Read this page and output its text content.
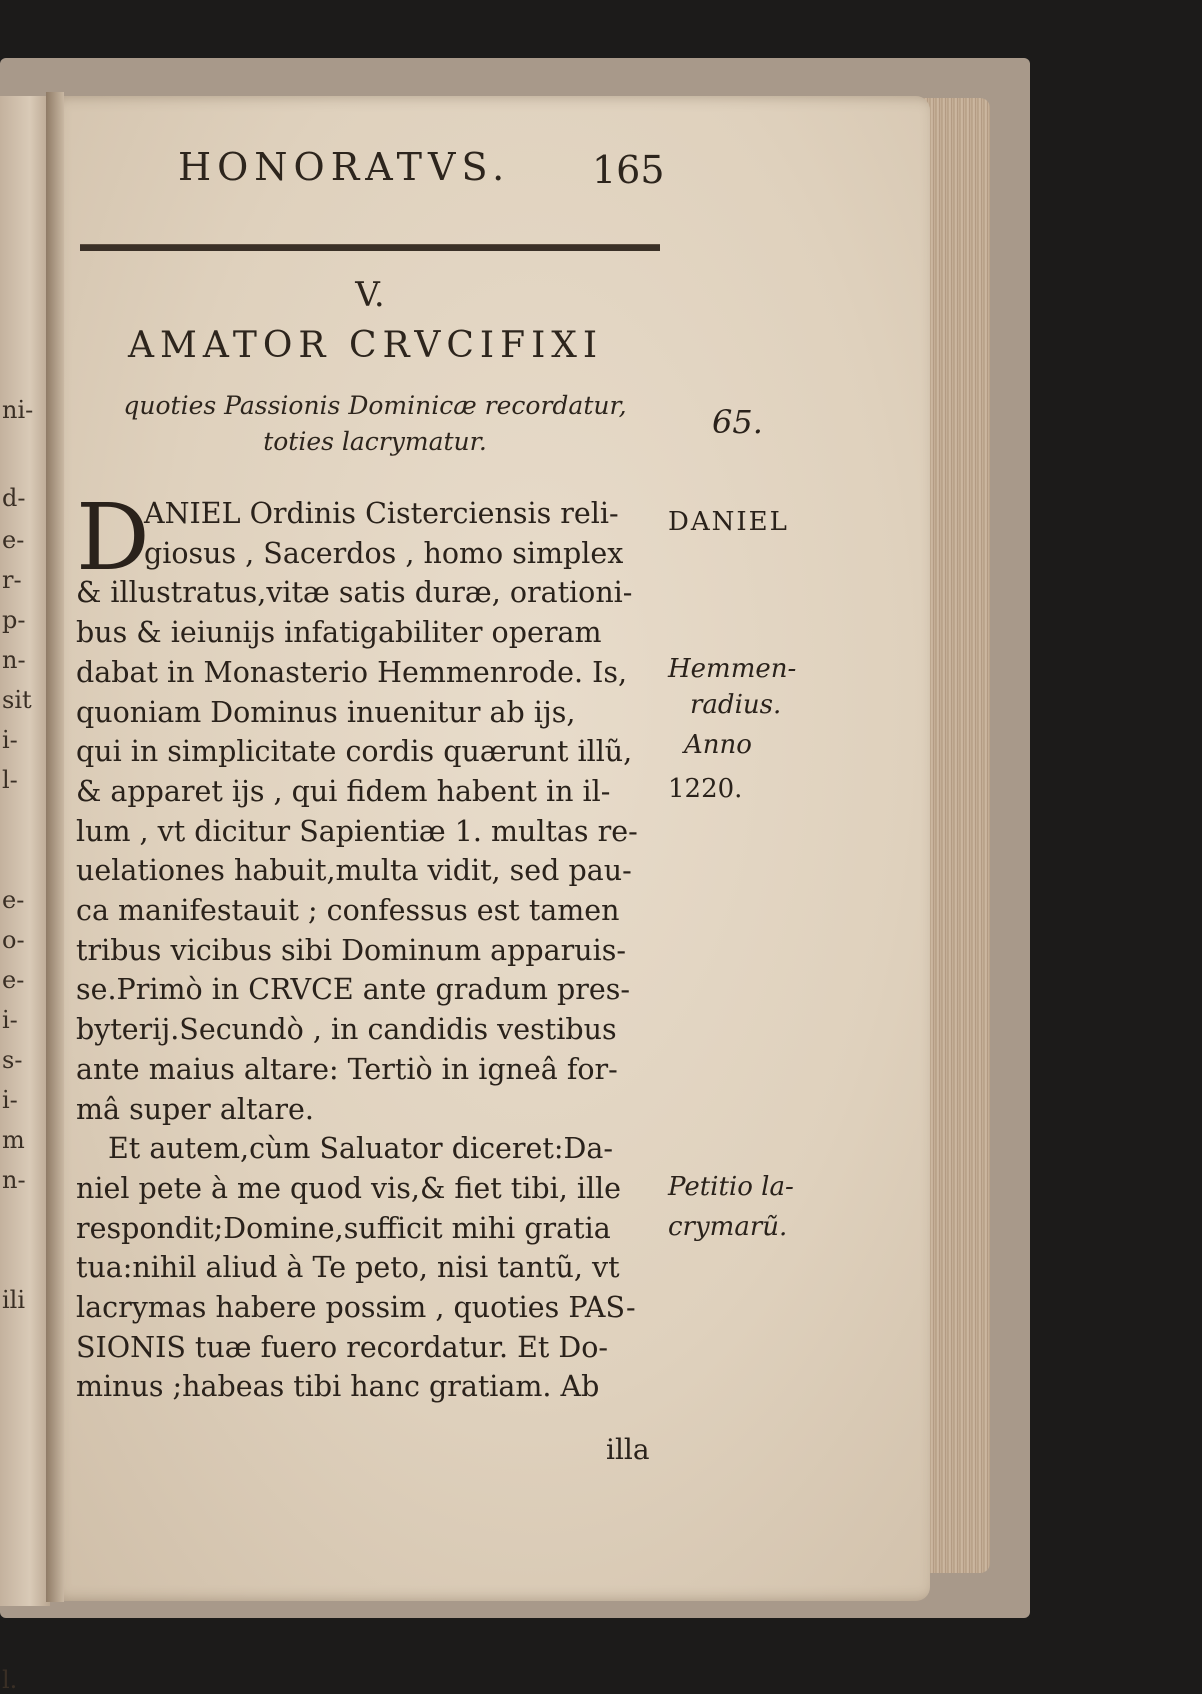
ni-
d-
e-
r-
p-
n-
sit
i-
l-
e-
o-
e-
i-
s-
i-
m
n-
ili
l.
HONORATVS. 165
V.
AMATOR CRVCIFIXI
quoties Passionis Dominicæ recordatur,
toties lacrymatur.
65.
D
ANIEL Ordinis Cisterciensis reli-
giosus , Sacerdos , homo simplex
& illustratus,vitæ satis duræ, orationi-
bus & ieiunijs infatigabiliter operam
dabat in Monasterio Hemmenrode. Is,
quoniam Dominus inuenitur ab ijs,
qui in simplicitate cordis quærunt illũ,
& apparet ijs , qui fidem habent in il-
lum , vt dicitur Sapientiæ 1. multas re-
uelationes habuit,multa vidit, sed pau-
ca manifestauit ; confessus est tamen
tribus vicibus sibi Dominum apparuis-
se.Primò in CRVCE ante gradum pres-
byterij.Secundò , in candidis vestibus
ante maius altare: Tertiò in igneâ for-
mâ super altare.
Et autem,cùm Saluator diceret:Da-
niel pete à me quod vis,& fiet tibi, ille
respondit;Domine,sufficit mihi gratia
tua:nihil aliud à Te peto, nisi tantũ, vt
lacrymas habere possim , quoties PAS-
SIONIS tuæ fuero recordatur. Et Do-
minus ;habeas tibi hanc gratiam. Ab
illa
DANIEL
Hemmen-
radius.
Anno
1220.
Petitio la-
crymarũ.
